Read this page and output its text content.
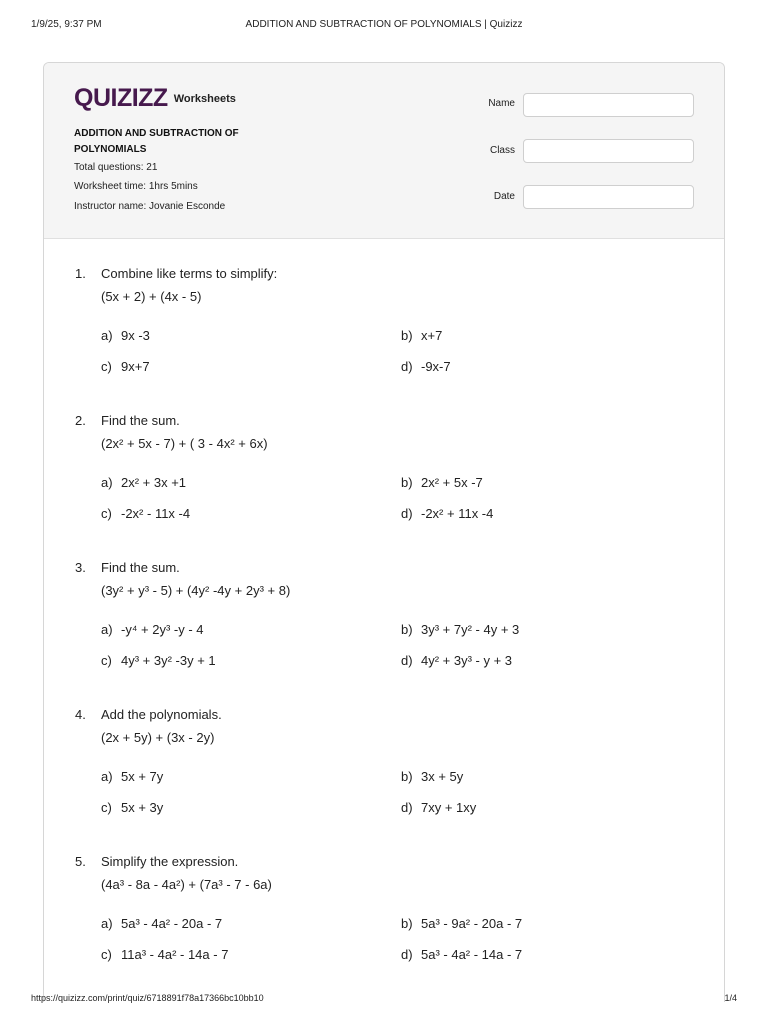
1/9/25, 9:37 PM	ADDITION AND SUBTRACTION OF POLYNOMIALS | Quizizz
QUIZIZZ Worksheets
ADDITION AND SUBTRACTION OF
POLYNOMIALS
Total questions: 21
Worksheet time: 1hrs 5mins
Instructor name: Jovanie Esconde
Name
Class
Date
1.	Combine like terms to simplify:
(5x + 2) + (4x - 5)
a) 9x -3	b) x+7
c) 9x+7	d) -9x-7
2.	Find the sum.
(2x² + 5x - 7) + ( 3 - 4x² + 6x)
a) 2x² + 3x +1	b) 2x² + 5x -7
c) -2x² - 11x -4	d) -2x² + 11x -4
3.	Find the sum.
(3y² + y³ - 5) + (4y² -4y + 2y³ + 8)
a) -y⁴ + 2y³ -y - 4	b) 3y³ + 7y² - 4y + 3
c) 4y³ + 3y² -3y + 1	d) 4y² + 3y³ - y + 3
4.	Add the polynomials.
(2x + 5y) + (3x - 2y)
a) 5x + 7y	b) 3x + 5y
c) 5x + 3y	d) 7xy + 1xy
5.	Simplify the expression.
(4a³ - 8a - 4a²) + (7a³ - 7 - 6a)
a) 5a³ - 4a² - 20a - 7	b) 5a³ - 9a² - 20a - 7
c) 11a³ - 4a² - 14a - 7	d) 5a³ - 4a² - 14a - 7
https://quizizz.com/print/quiz/6718891f78a17366bc10bb10	1/4
